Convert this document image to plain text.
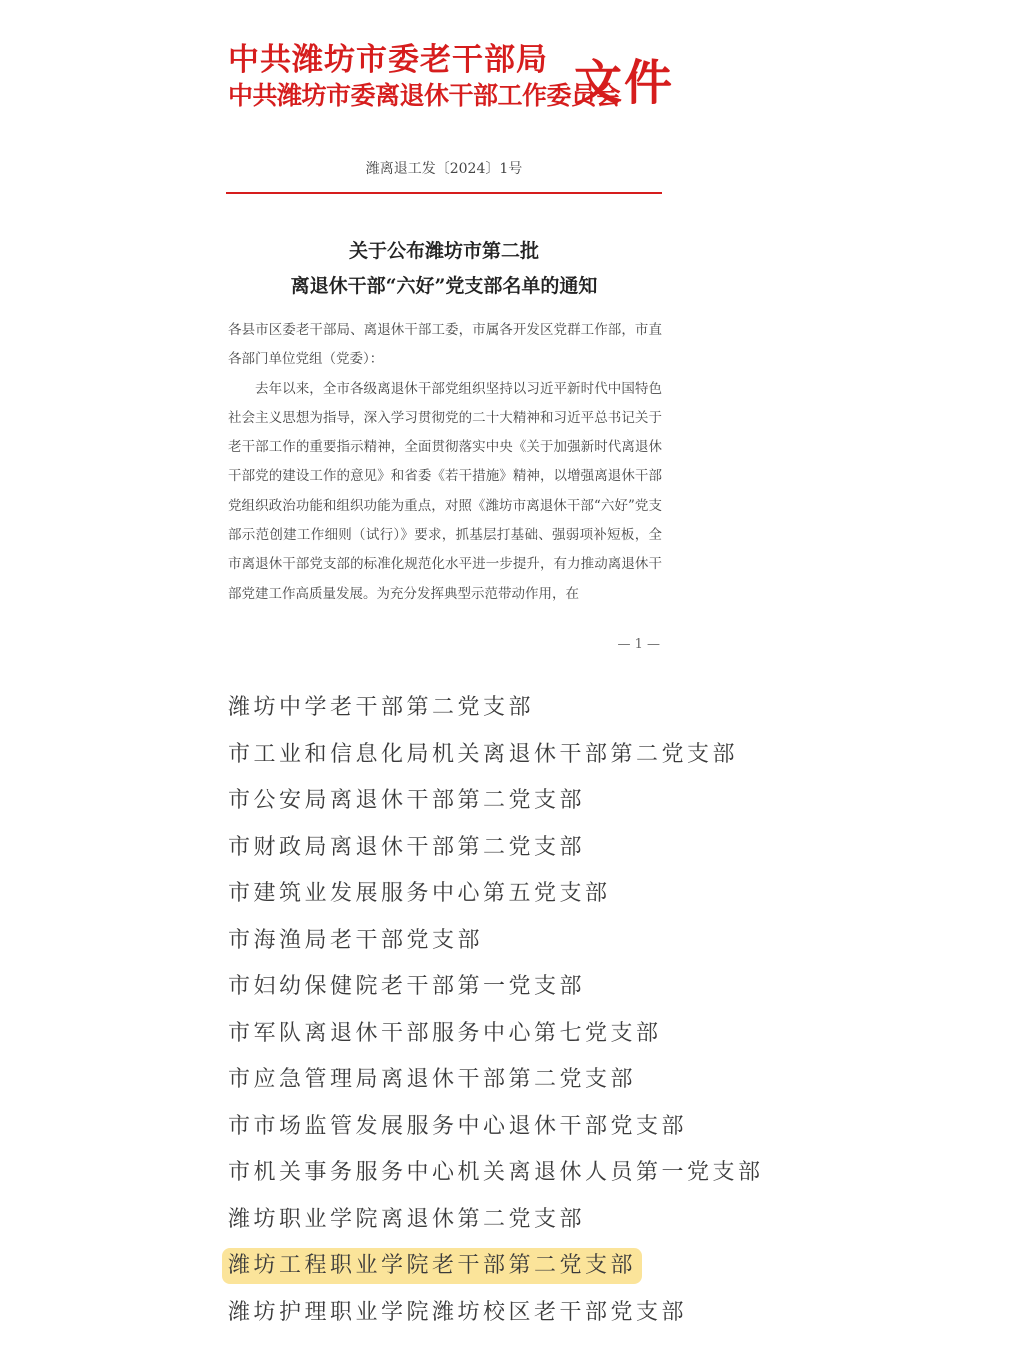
中共潍坊市委老干部局
中共潍坊市委离退休干部工作委员会
文件
潍离退工发〔2024〕1号
关于公布潍坊市第二批
离退休干部“六好”党支部名单的通知

各县市区委老干部局、离退休干部工委，市属各开发区党群工作部，市直各部门单位党组（党委）：

去年以来，全市各级离退休干部党组织坚持以习近平新时代中国特色社会主义思想为指导，深入学习贯彻党的二十大精神和习近平总书记关于老干部工作的重要指示精神，全面贯彻落实中央《关于加强新时代离退休干部党的建设工作的意见》和省委《若干措施》精神，以增强离退休干部党组织政治功能和组织功能为重点，对照《潍坊市离退休干部“六好”党支部示范创建工作细则（试行）》要求，抓基层打基础、强弱项补短板，全市离退休干部党支部的标准化规范化水平进一步提升，有力推动离退休干部党建工作高质量发展。为充分发挥典型示范带动作用，在

— 1 —
潍坊中学老干部第二党支部
市工业和信息化局机关离退休干部第二党支部
市公安局离退休干部第二党支部
市财政局离退休干部第二党支部
市建筑业发展服务中心第五党支部
市海渔局老干部党支部
市妇幼保健院老干部第一党支部
市军队离退休干部服务中心第七党支部
市应急管理局离退休干部第二党支部
市市场监管发展服务中心退休干部党支部
市机关事务服务中心机关离退休人员第一党支部
潍坊职业学院离退休第二党支部
潍坊工程职业学院老干部第二党支部
潍坊护理职业学院潍坊校区老干部党支部
